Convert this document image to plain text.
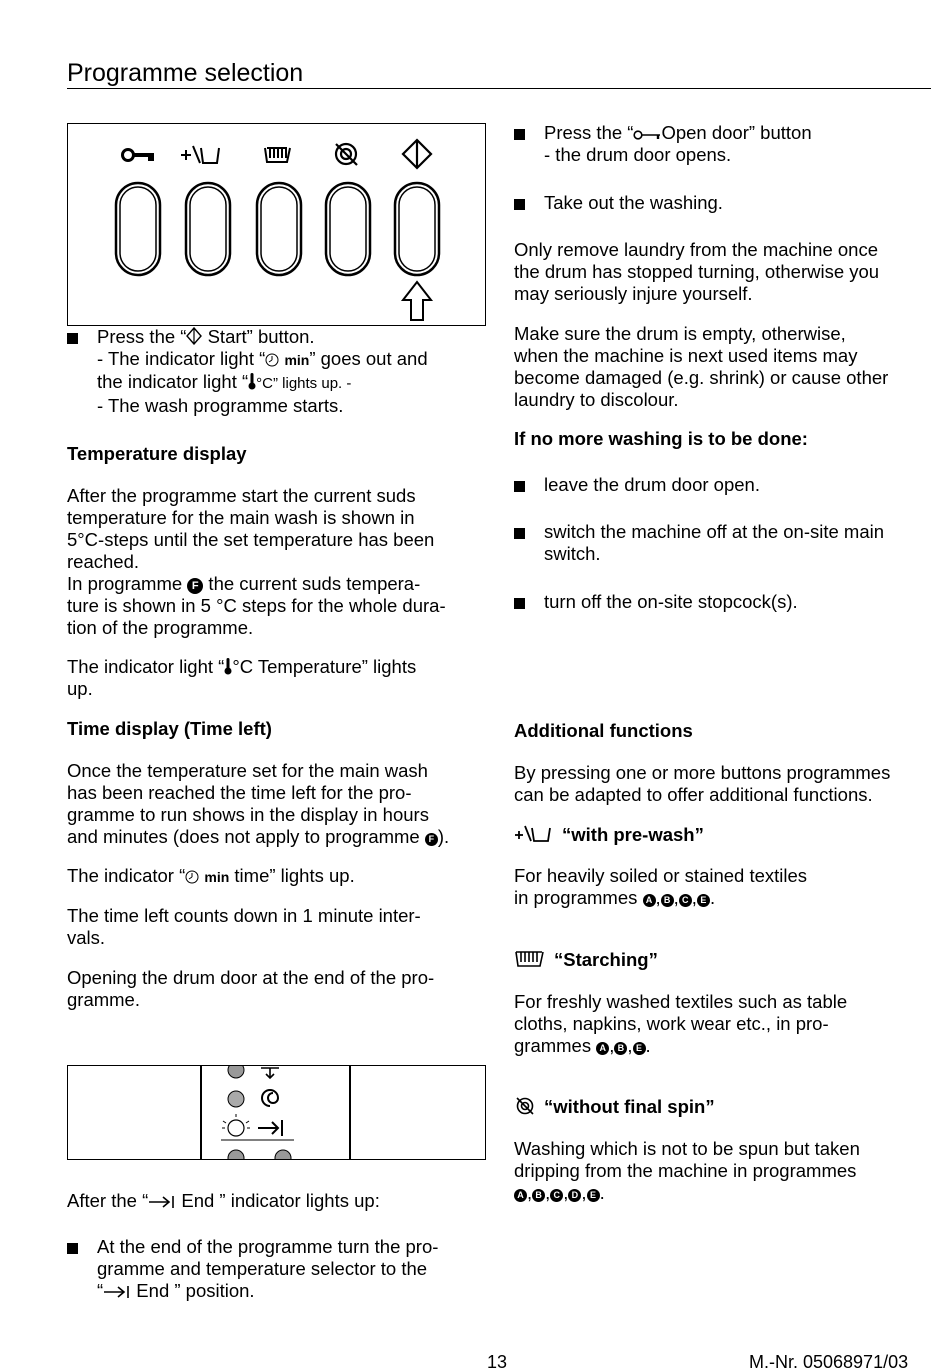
Programme selection
Press the “ Start” button.
- The indicator light “ min” goes out and
the indicator light “ °C” lights up. -
- The wash programme starts.
Temperature display
After the programme start the current suds
temperature for the main wash is shown in
5°C-steps until the set temperature has been
reached.
In programme F the current suds tempera-
ture is shown in 5 °C steps for the whole dura-
tion of the programme.
The indicator light “ °C Temperature” lights
up.
Time display (Time left)
Once the temperature set for the main wash
has been reached the time left for the pro-
gramme to run shows in the display in hours
and minutes (does not apply to programme F ).
The indicator “ min time” lights up.
The time left counts down in 1 minute inter-
vals.
Opening the drum door at the end of the pro-
gramme.
After the “ End ” indicator lights up:
At the end of the programme turn the pro-
gramme and temperature selector to the
“ End ” position.
Press the “ Open door” button
- the drum door opens.
Take out the washing.
Only remove laundry from the machine once
the drum has stopped turning, otherwise you
may seriously injure yourself.
Make sure the drum is empty, otherwise,
when the machine is next used items may
become damaged (e.g. shrink) or cause other
laundry to discolour.
If no more washing is to be done:
leave the drum door open.
switch the machine off at the on-site main
switch.
turn off the on-site stopcock(s).
Additional functions
By pressing one or more buttons programmes
can be adapted to offer additional functions.
“with pre-wash”
For heavily soiled or stained textiles
in programmes A , B , C , E .
“Starching”
For freshly washed textiles such as table
cloths, napkins, work wear etc., in pro-
grammes A , B , E .
“without final spin”
Washing which is not to be spun but taken
dripping from the machine in programmes
A , B , C , D , E .
13	M.-Nr. 05068971/03
